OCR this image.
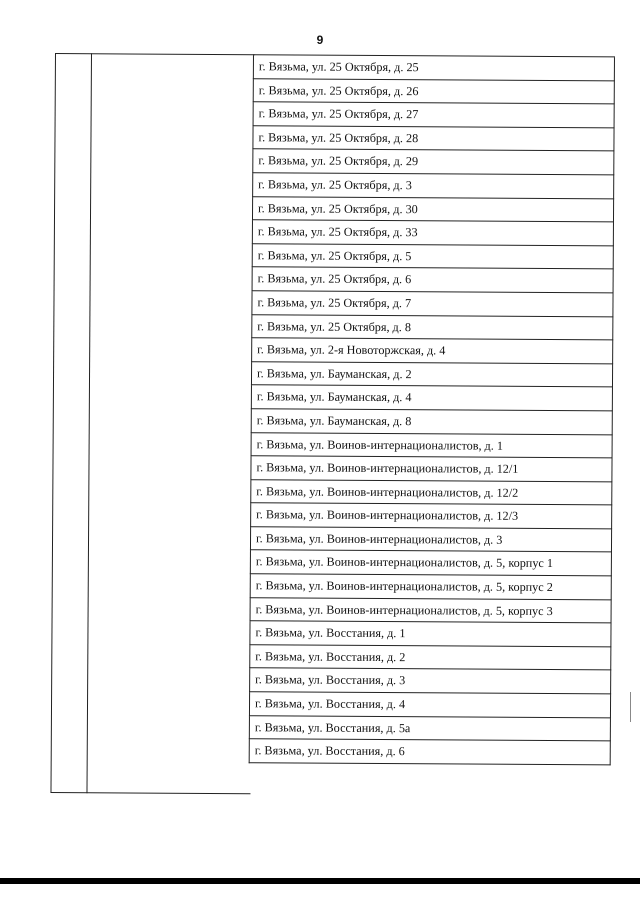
9
г. Вязьма, ул. 25 Октября, д. 25
г. Вязьма, ул. 25 Октября, д. 26
г. Вязьма, ул. 25 Октября, д. 27
г. Вязьма, ул. 25 Октября, д. 28
г. Вязьма, ул. 25 Октября, д. 29
г. Вязьма, ул. 25 Октября, д. 3
г. Вязьма, ул. 25 Октября, д. 30
г. Вязьма, ул. 25 Октября, д. 33
г. Вязьма, ул. 25 Октября, д. 5
г. Вязьма, ул. 25 Октября, д. 6
г. Вязьма, ул. 25 Октября, д. 7
г. Вязьма, ул. 25 Октября, д. 8
г. Вязьма, ул. 2-я Новоторжская, д. 4
г. Вязьма, ул. Бауманская, д. 2
г. Вязьма, ул. Бауманская, д. 4
г. Вязьма, ул. Бауманская, д. 8
г. Вязьма, ул. Воинов-интернационалистов, д. 1
г. Вязьма, ул. Воинов-интернационалистов, д. 12/1
г. Вязьма, ул. Воинов-интернационалистов, д. 12/2
г. Вязьма, ул. Воинов-интернационалистов, д. 12/3
г. Вязьма, ул. Воинов-интернационалистов, д. 3
г. Вязьма, ул. Воинов-интернационалистов, д. 5, корпус 1
г. Вязьма, ул. Воинов-интернационалистов, д. 5, корпус 2
г. Вязьма, ул. Воинов-интернационалистов, д. 5, корпус 3
г. Вязьма, ул. Восстания, д. 1
г. Вязьма, ул. Восстания, д. 2
г. Вязьма, ул. Восстания, д. 3
г. Вязьма, ул. Восстания, д. 4
г. Вязьма, ул. Восстания, д. 5а
г. Вязьма, ул. Восстания, д. 6
